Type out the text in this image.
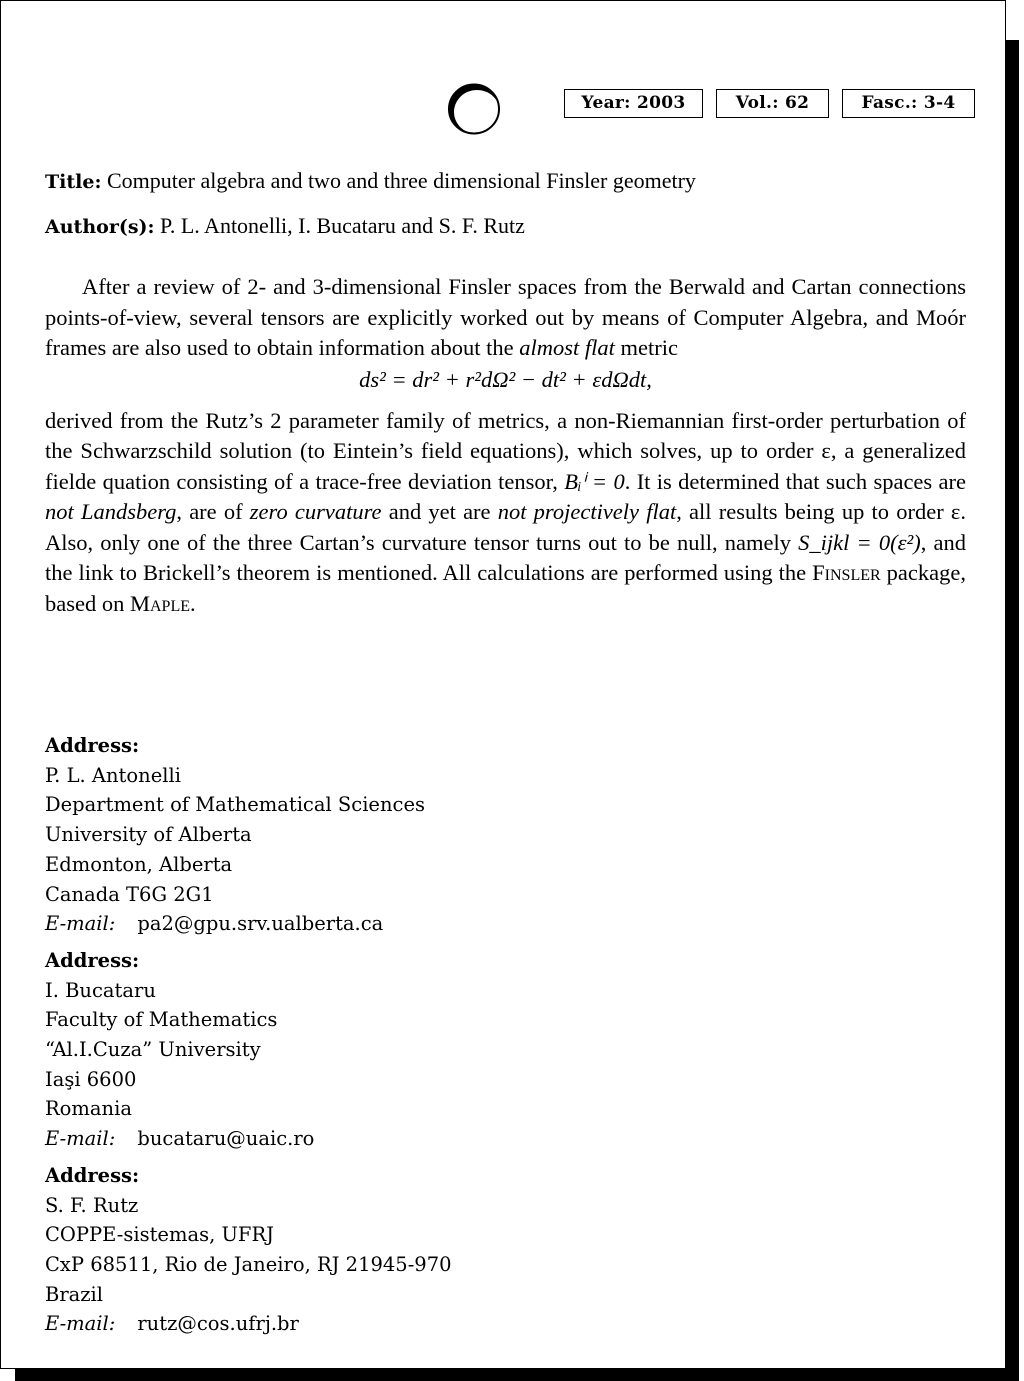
Year: 2003	Vol.: 62	Fasc.: 3-4
Title: Computer algebra and two and three dimensional Finsler geometry
Author(s): P. L. Antonelli, I. Bucataru and S. F. Rutz

After a review of 2- and 3-dimensional Finsler spaces from the Berwald and Cartan connections points-of-view, several tensors are explicitly worked out by means of Computer Algebra, and Moór frames are also used to obtain information about the almost flat metric

ds² = dr² + r²dΩ² − dt² + εdΩdt,

derived from the Rutz’s 2 parameter family of metrics, a non-Riemannian first-order perturbation of the Schwarzschild solution (to Eintein’s field equations), which solves, up to order ε, a generalized fielde quation consisting of a trace-free deviation tensor, Bᵢⁱ = 0. It is determined that such spaces are not Landsberg, are of zero curvature and yet are not projectively flat, all results being up to order ε. Also, only one of the three Cartan’s curvature tensor turns out to be null, namely S_ijkl = 0(ε²), and the link to Brickell’s theorem is mentioned. All calculations are performed using the Finsler package, based on Maple.

Address:
P. L. Antonelli
Department of Mathematical Sciences
University of Alberta
Edmonton, Alberta
Canada T6G 2G1
E-mail: pa2@gpu.srv.ualberta.ca
Address:
I. Bucataru
Faculty of Mathematics
“Al.I.Cuza” University
Iaşi 6600
Romania
E-mail: bucataru@uaic.ro
Address:
S. F. Rutz
COPPE-sistemas, UFRJ
CxP 68511, Rio de Janeiro, RJ 21945-970
Brazil
E-mail: rutz@cos.ufrj.br
